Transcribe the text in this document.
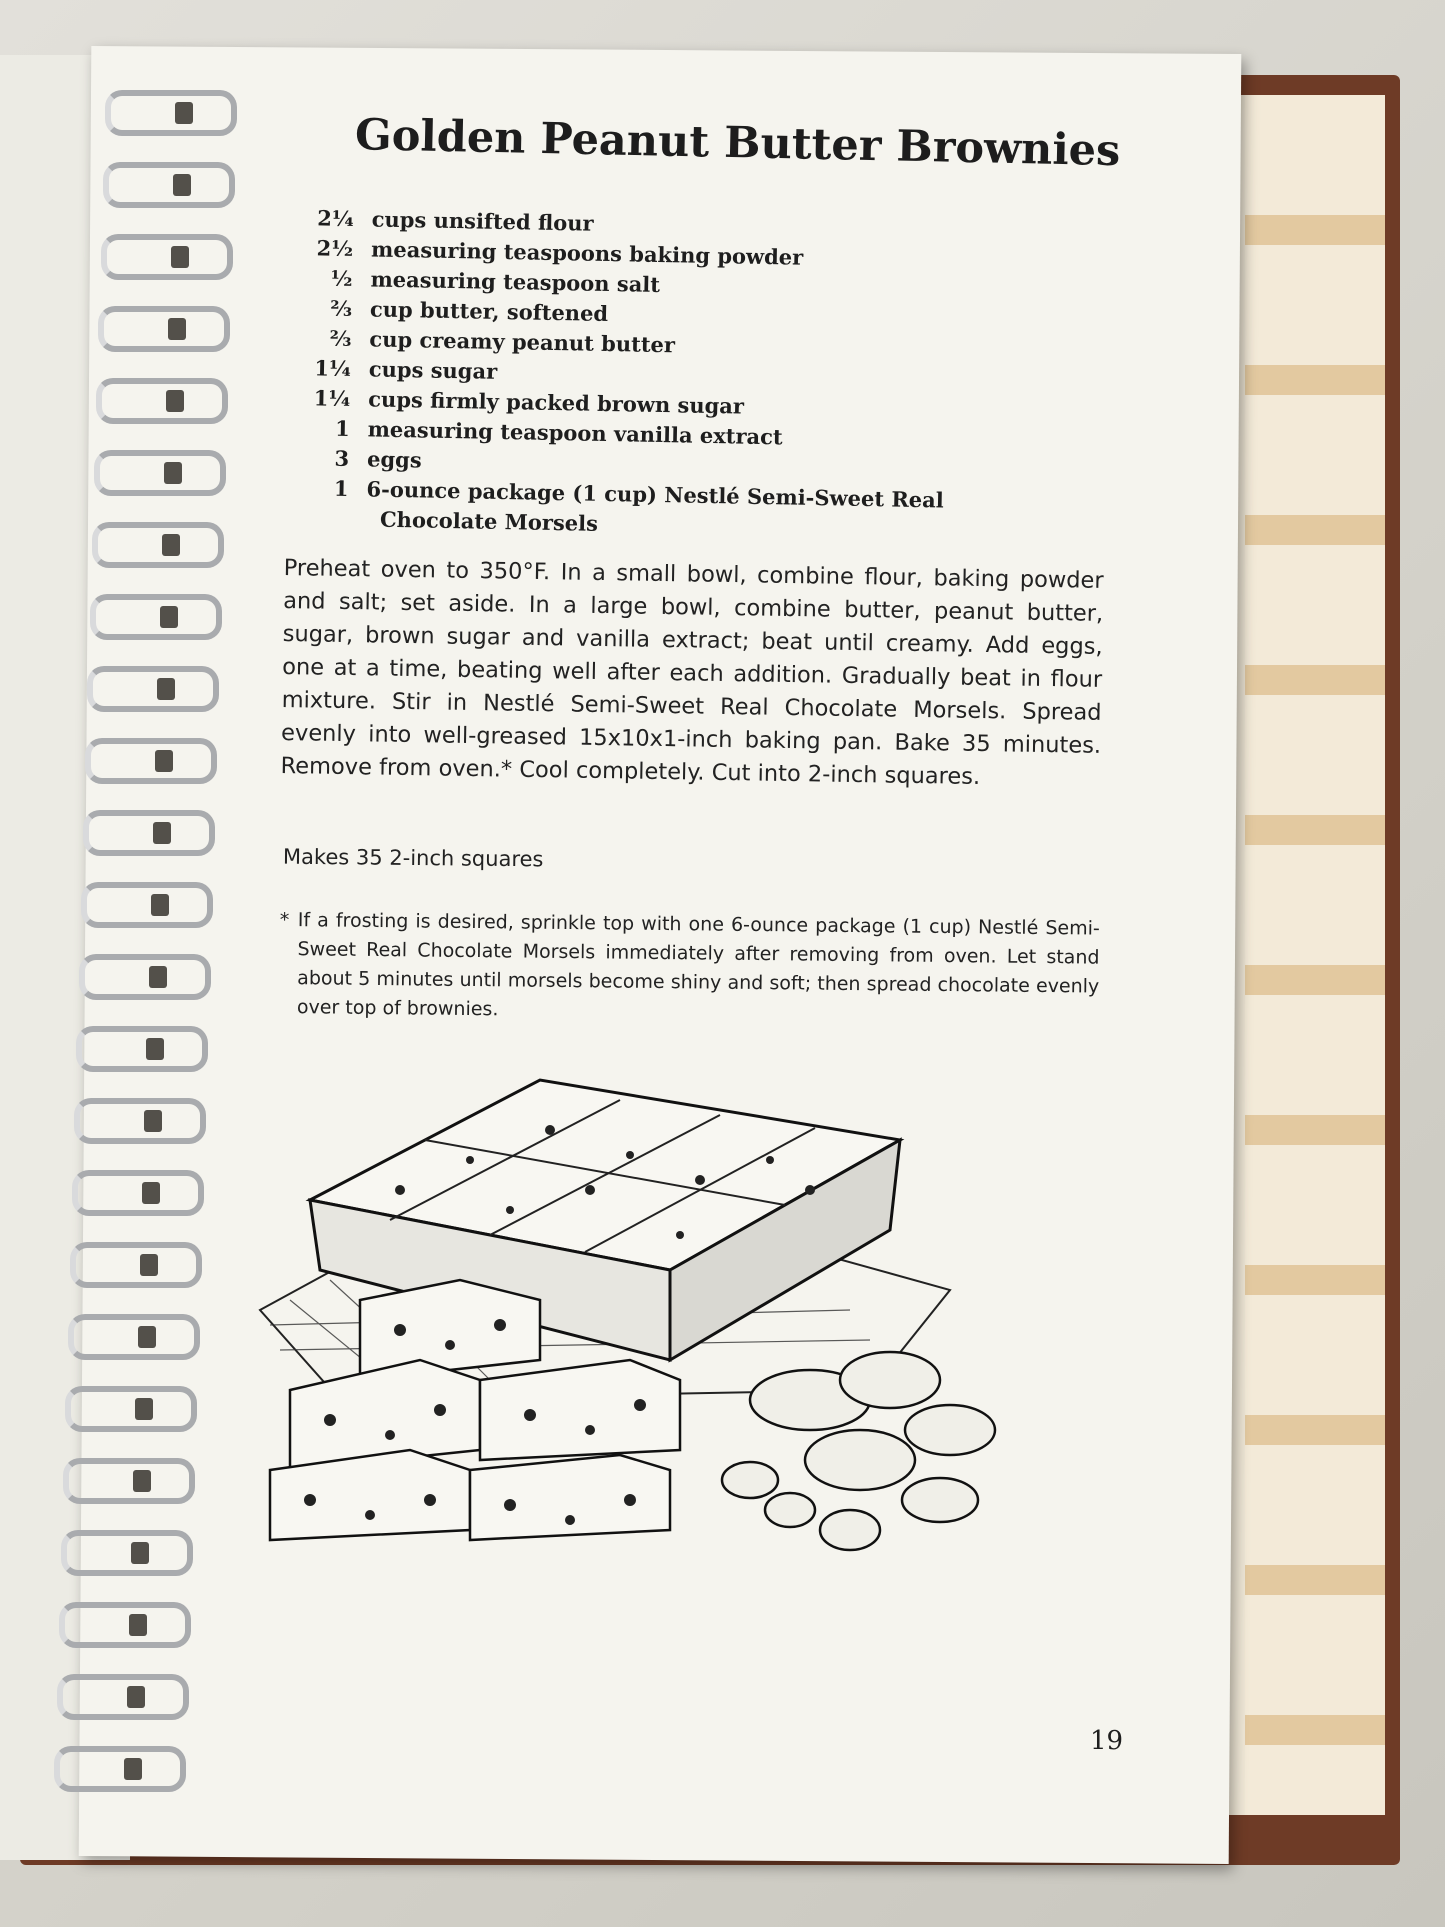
Golden Peanut Butter Brownies
2¼ cups unsifted flour
2½ measuring teaspoons baking powder
½ measuring teaspoon salt
⅔ cup butter, softened
⅔ cup creamy peanut butter
1¼ cups sugar
1¼ cups firmly packed brown sugar
1 measuring teaspoon vanilla extract
3 eggs
1 6-ounce package (1 cup) Nestlé Semi-Sweet Real
Chocolate Morsels
Preheat oven to 350°F. In a small bowl, combine flour, baking powder and salt; set aside. In a large bowl, combine butter, peanut butter, sugar, brown sugar and vanilla extract; beat until creamy. Add eggs, one at a time, beating well after each addition. Gradually beat in flour mixture. Stir in Nestlé Semi-Sweet Real Chocolate Morsels. Spread evenly into well-greased 15x10x1-inch baking pan. Bake 35 minutes. Remove from oven.* Cool completely. Cut into 2-inch squares.
Makes 35 2-inch squares
* If a frosting is desired, sprinkle top with one 6-ounce package (1 cup) Nestlé Semi-Sweet Real Chocolate Morsels immediately after removing from oven. Let stand about 5 minutes until morsels become shiny and soft; then spread chocolate evenly over top of brownies.
19
